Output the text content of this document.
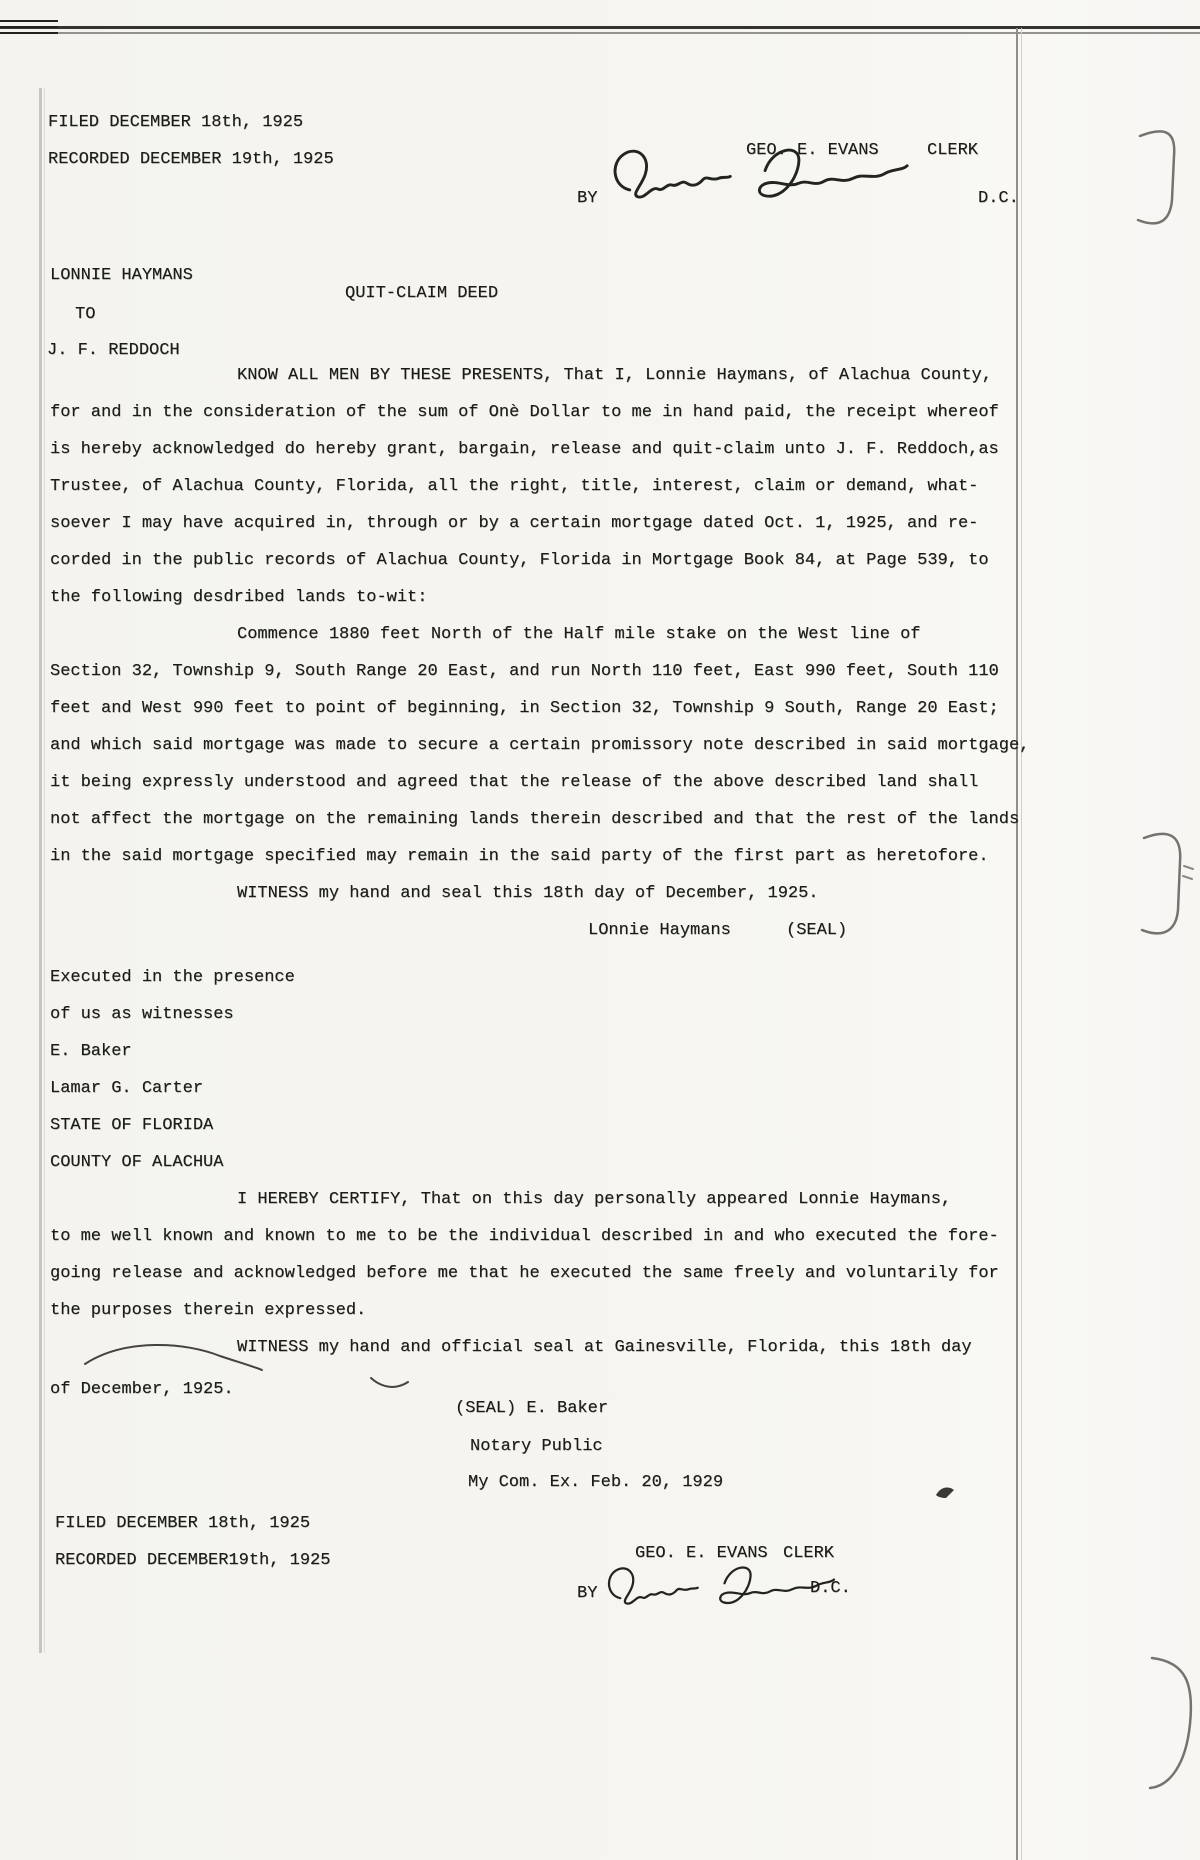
FILED DECEMBER 18th, 1925
RECORDED DECEMBER 19th, 1925	GEO. E. EVANS	CLERK
BY	D.C.
LONNIE HAYMANS
QUIT-CLAIM DEED
TO
J. F. REDDOCH
KNOW ALL MEN BY THESE PRESENTS, That I, Lonnie Haymans, of Alachua County,
for and in the consideration of the sum of Onè Dollar to me in hand paid, the receipt whereof
is hereby acknowledged do hereby grant, bargain, release and quit-claim unto J. F. Reddoch,as
Trustee, of Alachua County, Florida, all the right, title, interest, claim or demand, what-
soever I may have acquired in, through or by a certain mortgage dated Oct. 1, 1925, and re-
corded in the public records of Alachua County, Florida in Mortgage Book 84, at Page 539, to
the following desdribed lands to-wit:
Commence 1880 feet North of the Half mile stake on the West line of
Section 32, Township 9, South Range 20 East, and run North 110 feet, East 990 feet, South 110
feet and West 990 feet to point of beginning, in Section 32, Township 9 South, Range 20 East;
and which said mortgage was made to secure a certain promissory note described in said mortgage,
it being expressly understood and agreed that the release of the above described land shall
not affect the mortgage on the remaining lands therein described and that the rest of the lands
in the said mortgage specified may remain in the said party of the first part as heretofore.
WITNESS my hand and seal this 18th day of December, 1925.
LOnnie Haymans	(SEAL)
Executed in the presence
of us as witnesses
E. Baker
Lamar G. Carter
STATE OF FLORIDA
COUNTY OF ALACHUA
I HEREBY CERTIFY, That on this day personally appeared Lonnie Haymans,
to me well known and known to me to be the individual described in and who executed the fore-
going release and acknowledged before me that he executed the same freely and voluntarily for
the purposes therein expressed.
WITNESS my hand and official seal at Gainesville, Florida, this 18th day
of December, 1925.
(SEAL) E. Baker
Notary Public
My Com. Ex. Feb. 20, 1929
FILED DECEMBER 18th, 1925
RECORDED DECEMBER19th, 1925	GEO. E. EVANS CLERK
BY	D.C.
